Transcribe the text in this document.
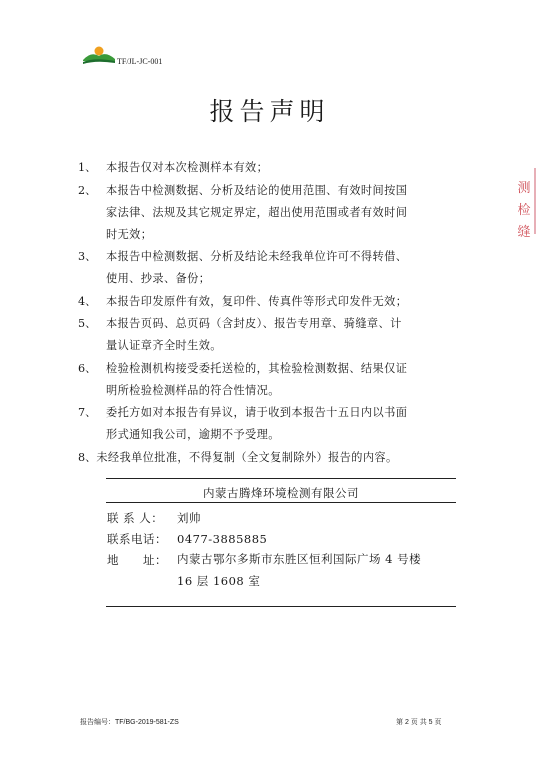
TF/JL-JC-001
报告声明
1、 本报告仅对本次检测样本有效；
2、 本报告中检测数据、分析及结论的使用范围、有效时间按国
家法律、法规及其它规定界定，超出使用范围或者有效时间
时无效；
3、 本报告中检测数据、分析及结论未经我单位许可不得转借、
使用、抄录、备份；
4、 本报告印发原件有效，复印件、传真件等形式印发件无效；
5、 本报告页码、总页码（含封皮）、报告专用章、骑缝章、计
量认证章齐全时生效。
6、 检验检测机构接受委托送检的，其检验检测数据、结果仅证
明所检验检测样品的符合性情况。
7、 委托方如对本报告有异议，请于收到本报告十五日内以书面
形式通知我公司，逾期不予受理。
8、未经我单位批准，不得复制（全文复制除外）报告的内容。
内蒙古腾烽环境检测有限公司
联 系 人： 刘帅
联系电话： 0477-3885885
地　　址： 内蒙古鄂尔多斯市东胜区恒利国际广场 4 号楼
16 层 1608 室
报告编号：TF/BG-2019-581-ZS	第 2 页 共 5 页
测检
缝
